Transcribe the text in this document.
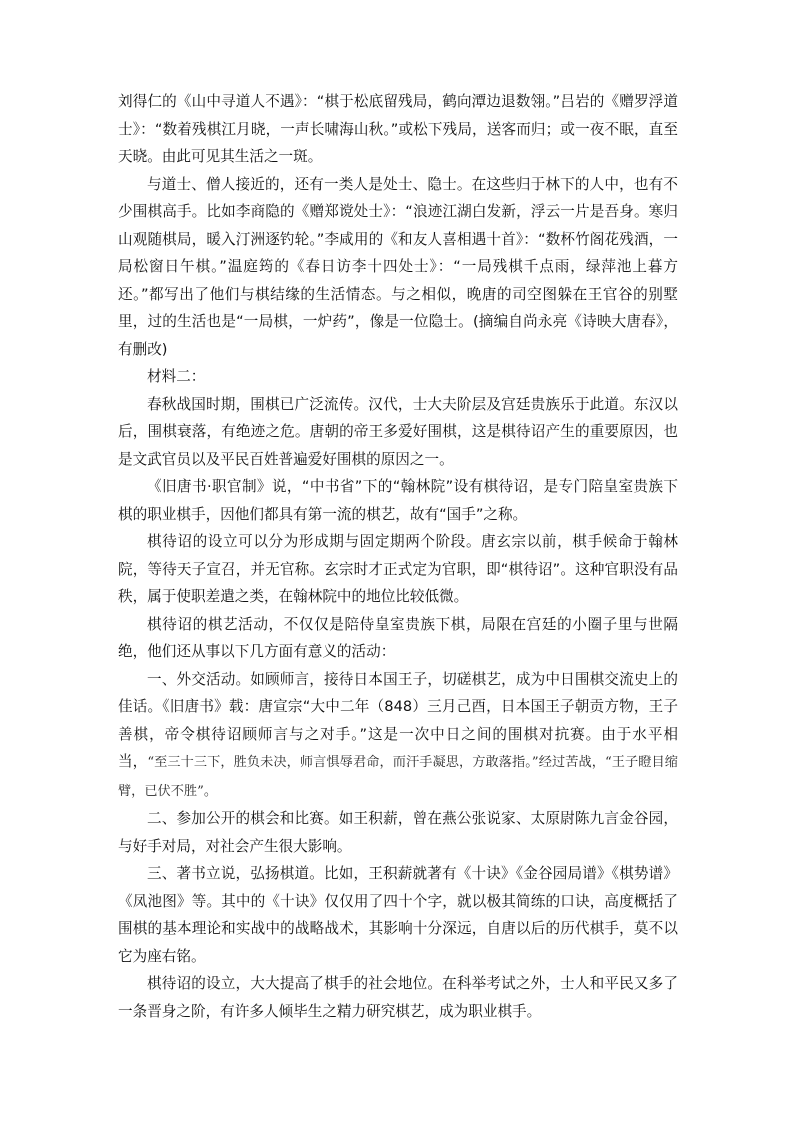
刘得仁的《山中寻道人不遇》：“棋于松底留残局，鹤向潭边退数翎。”吕岩的《赠罗浮道士》：“数着残棋江月晓，一声长啸海山秋。”或松下残局，送客而归；或一夜不眠，直至天晓。由此可见其生活之一斑。

与道士、僧人接近的，还有一类人是处士、隐士。在这些归于林下的人中，也有不少围棋高手。比如李商隐的《赠郑谠处士》：“浪迹江湖白发新，浮云一片是吾身。寒归山观随棋局，暖入汀洲逐钓轮。”李咸用的《和友人喜相遇十首》：“数杯竹阁花残酒，一局松窗日午棋。”温庭筠的《春日访李十四处士》：“一局残棋千点雨，绿萍池上暮方还。”都写出了他们与棋结缘的生活情态。与之相似，晚唐的司空图躲在王官谷的别墅里，过的生活也是“一局棋，一炉药”，像是一位隐士。(摘编自尚永亮《诗映大唐春》，有删改)

材料二：

春秋战国时期，围棋已广泛流传。汉代，士大夫阶层及宫廷贵族乐于此道。东汉以后，围棋衰落，有绝迹之危。唐朝的帝王多爱好围棋，这是棋待诏产生的重要原因，也是文武官员以及平民百姓普遍爱好围棋的原因之一。

《旧唐书·职官制》说，“中书省”下的“翰林院”设有棋待诏，是专门陪皇室贵族下棋的职业棋手，因他们都具有第一流的棋艺，故有“国手”之称。

棋待诏的设立可以分为形成期与固定期两个阶段。唐玄宗以前，棋手候命于翰林院，等待天子宣召，并无官称。玄宗时才正式定为官职，即“棋待诏”。这种官职没有品秩，属于使职差遣之类，在翰林院中的地位比较低微。

棋待诏的棋艺活动，不仅仅是陪侍皇室贵族下棋，局限在宫廷的小圈子里与世隔绝，他们还从事以下几方面有意义的活动：

一、外交活动。如顾师言，接待日本国王子，切磋棋艺，成为中日围棋交流史上的佳话。《旧唐书》载：唐宣宗“大中二年（848）三月己酉，日本国王子朝贡方物，王子善棋，帝令棋待诏顾师言与之对手。”这是一次中日之间的围棋对抗赛。由于水平相当，“至三十三下，胜负未决，师言惧辱君命，而汗手凝思，方敢落指。”经过苦战，“王子瞪目缩臂，已伏不胜”。

二、参加公开的棋会和比赛。如王积薪，曾在燕公张说家、太原尉陈九言金谷园，与好手对局，对社会产生很大影响。

三、著书立说，弘扬棋道。比如，王积薪就著有《十诀》《金谷园局谱》《棋势谱》《凤池图》等。其中的《十诀》仅仅用了四十个字，就以极其简练的口诀，高度概括了围棋的基本理论和实战中的战略战术，其影响十分深远，自唐以后的历代棋手，莫不以它为座右铭。

棋待诏的设立，大大提高了棋手的社会地位。在科举考试之外，士人和平民又多了一条晋身之阶，有许多人倾毕生之精力研究棋艺，成为职业棋手。
